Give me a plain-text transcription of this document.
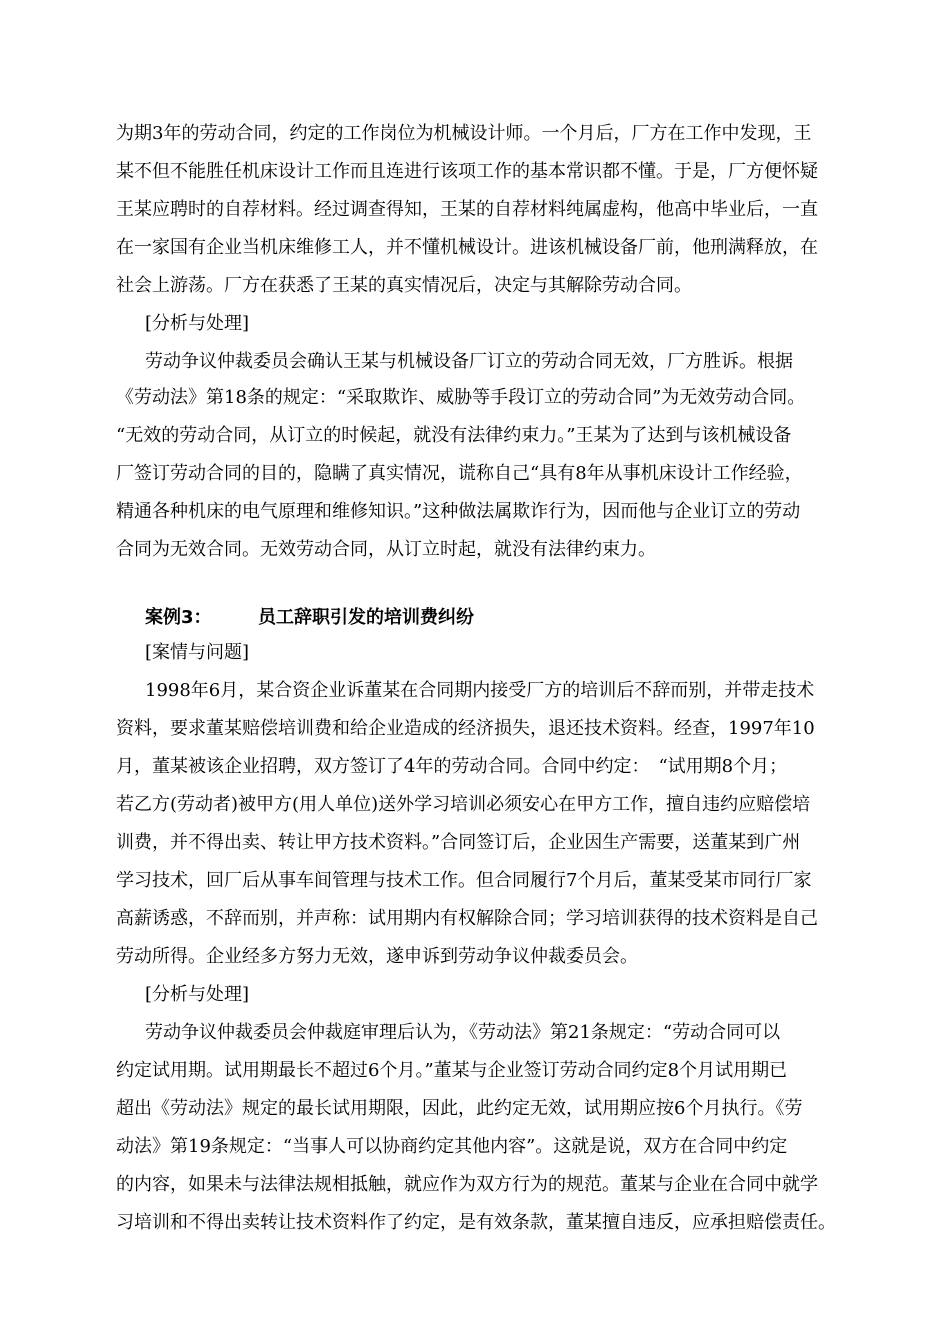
为期3年的劳动合同，约定的工作岗位为机械设计师。一个月后，厂方在工作中发现，王
某不但不能胜任机床设计工作而且连进行该项工作的基本常识都不懂。于是，厂方便怀疑
王某应聘时的自荐材料。经过调查得知，王某的自荐材料纯属虚构，他高中毕业后，一直
在一家国有企业当机床维修工人，并不懂机械设计。进该机械设备厂前，他刑满释放，在
社会上游荡。厂方在获悉了王某的真实情况后，决定与其解除劳动合同。
[分析与处理]
劳动争议仲裁委员会确认王某与机械设备厂订立的劳动合同无效，厂方胜诉。根据
《劳动法》第18条的规定：“采取欺诈、威胁等手段订立的劳动合同”为无效劳动合同。
“无效的劳动合同，从订立的时候起，就没有法律约束力。”王某为了达到与该机械设备
厂签订劳动合同的目的，隐瞒了真实情况，谎称自己“具有8年从事机床设计工作经验，
精通各种机床的电气原理和维修知识。”这种做法属欺诈行为，因而他与企业订立的劳动
合同为无效合同。无效劳动合同，从订立时起，就没有法律约束力。
案例3：	员工辞职引发的培训费纠纷
[案情与问题]
1998年6月，某合资企业诉董某在合同期内接受厂方的培训后不辞而别，并带走技术
资料，要求董某赔偿培训费和给企业造成的经济损失，退还技术资料。经查，1997年10
月，董某被该企业招聘，双方签订了4年的劳动合同。合同中约定：　“试用期8个月；
若乙方(劳动者)被甲方(用人单位)送外学习培训必须安心在甲方工作，擅自违约应赔偿培
训费，并不得出卖、转让甲方技术资料。”合同签订后，企业因生产需要，送董某到广州
学习技术，回厂后从事车间管理与技术工作。但合同履行7个月后，董某受某市同行厂家
高薪诱惑，不辞而别，并声称：试用期内有权解除合同；学习培训获得的技术资料是自己
劳动所得。企业经多方努力无效，遂申诉到劳动争议仲裁委员会。
[分析与处理]
劳动争议仲裁委员会仲裁庭审理后认为，《劳动法》第21条规定：“劳动合同可以
约定试用期。试用期最长不超过6个月。”董某与企业签订劳动合同约定8个月试用期已
超出《劳动法》规定的最长试用期限，因此，此约定无效，试用期应按6个月执行。《劳
动法》第19条规定：“当事人可以协商约定其他内容”。这就是说，双方在合同中约定
的内容，如果未与法律法规相抵触，就应作为双方行为的规范。董某与企业在合同中就学
习培训和不得出卖转让技术资料作了约定，是有效条款，董某擅自违反，应承担赔偿责任。
